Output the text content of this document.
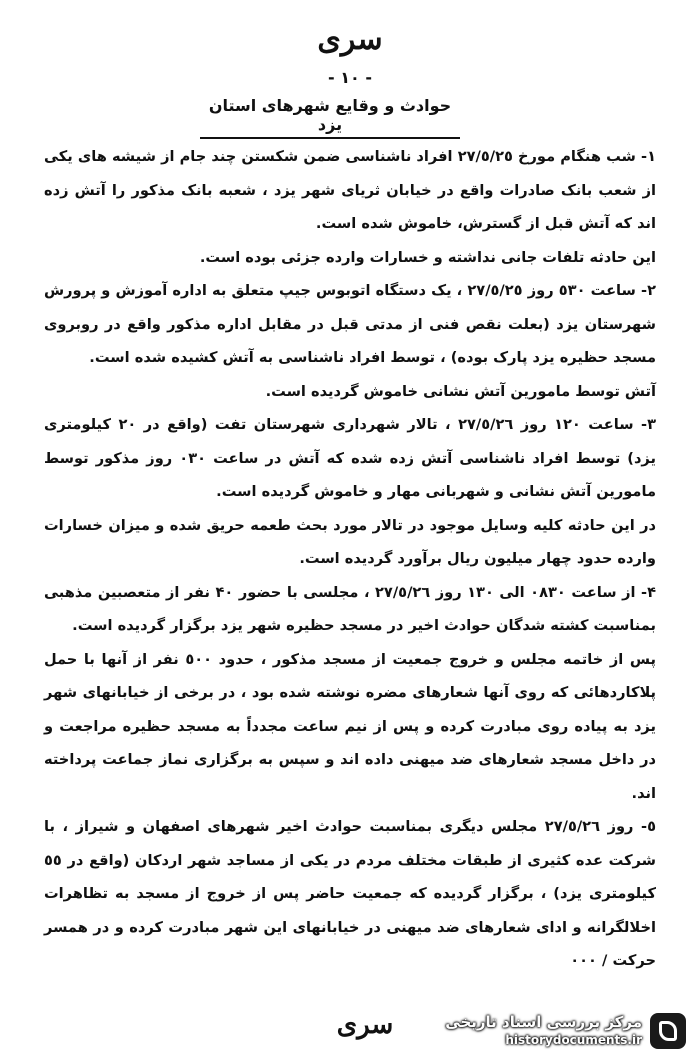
سری
- ١٠ -
حوادث و وقایع شهرهای استان یزد

١- شب هنگام مورخ ٢٧/٥/٢٥ افراد ناشناسی ضمن شکستن چند جام از شیشه های یکی از شعب بانک صادرات واقع در خیابان ثریای شهر یزد ، شعبه بانک مذکور را آتش زده اند که آتش قبل از گسترش، خاموش شده است.

این حادثه تلفات جانی نداشته و خسارات وارده جزئی بوده است.

٢- ساعت ٥٣٠ روز ٢٧/٥/٢٥ ، یک دستگاه اتوبوس جیپ متعلق به اداره آموزش و پرورش شهرستان یزد (بعلت نقص فنی از مدتی قبل در مقابل اداره مذکور واقع در روبروی مسجد حظیره یزد پارک بوده) ، توسط افراد ناشناسی به آتش کشیده شده است.

آتش توسط مامورین آتش نشانی خاموش گردیده است.

٣- ساعت ١٢٠ روز ٢٧/٥/٢٦ ، تالار شهرداری شهرستان تفت (واقع در ٢٠ کیلومتری یزد) توسط افراد ناشناسی آتش زده شده که آتش در ساعت ٠٣٠ روز مذکور توسط مامورین آتش نشانی و شهربانی مهار و خاموش گردیده است.

در این حادثه کلیه وسایل موجود در تالار مورد بحث طعمه حریق شده و میزان خسارات وارده حدود چهار میلیون ریال برآورد گردیده است.

۴- از ساعت ٠٨٣٠ الی ١٣٠ روز ٢٧/٥/٢٦ ، مجلسی با حضور ۴٠ نفر از متعصبین مذهبی بمناسبت کشته شدگان حوادث اخیر در مسجد حظیره شهر یزد برگزار گردیده است.

پس از خاتمه مجلس و خروج جمعیت از مسجد مذکور ، حدود ٥٠٠ نفر از آنها با حمل پلاکاردهائی که روی آنها شعارهای مضره نوشته شده بود ، در برخی از خیابانهای شهر یزد به پیاده روی مبادرت کرده و پس از نیم ساعت مجدداً به مسجد حظیره مراجعت و در داخل مسجد شعارهای ضد میهنی داده اند و سپس به برگزاری نماز جماعت پرداخته اند.

٥- روز ٢٧/٥/٢٦ مجلس دیگری بمناسبت حوادث اخیر شهرهای اصفهان و شیراز ، با شرکت عده کثیری از طبقات مختلف مردم در یکی از مساجد شهر اردکان (واقع در ٥٥ کیلومتری یزد) ، برگزار گردیده که جمعیت حاضر پس از خروج از مسجد به تظاهرات اخلالگرانه و ادای شعارهای ضد میهنی در خیابانهای این شهر مبادرت کرده و در همسر حرکت / ٠٠٠

سری	مرکز بررسی اسناد تاریخی
historydocuments.ir
